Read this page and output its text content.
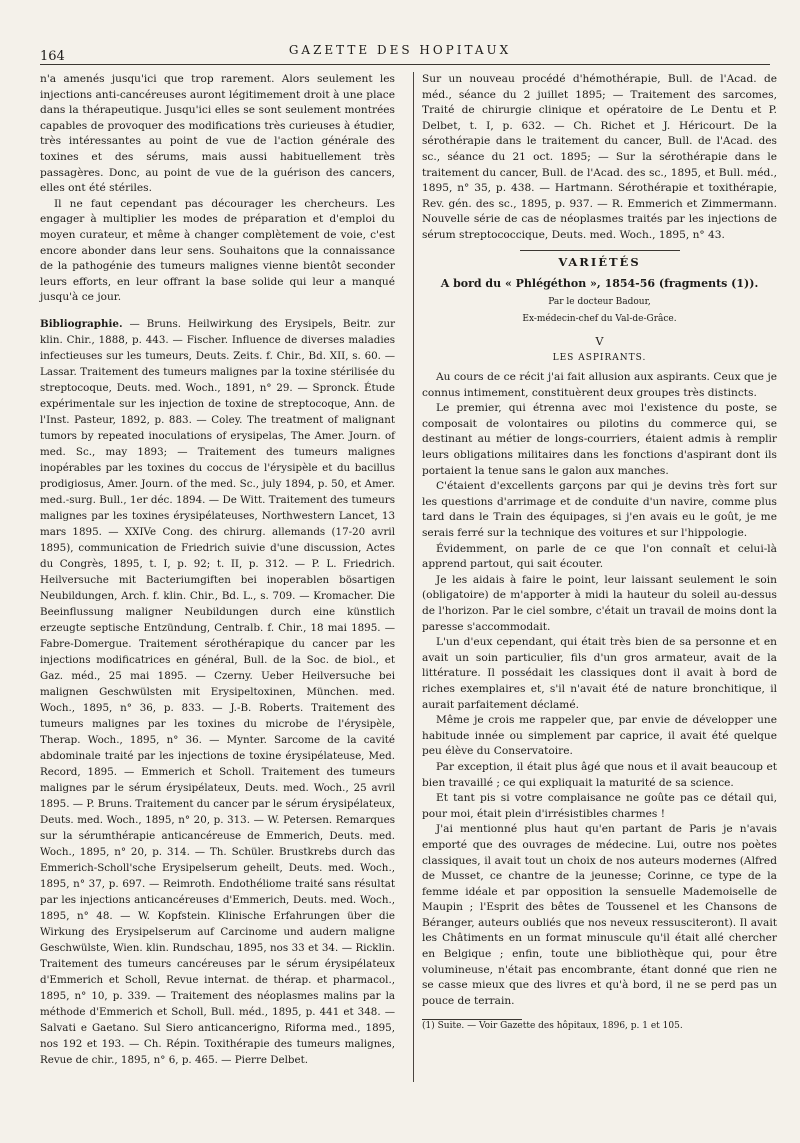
164	GAZETTE DES HOPITAUX

n'a amenés jusqu'ici que trop rarement. Alors seulement les injections anti-cancéreuses auront légitimement droit à une place dans la thérapeutique. Jusqu'ici elles se sont seulement montrées capables de provoquer des modifications très curieuses à étudier, très intéressantes au point de vue de l'action générale des toxines et des sérums, mais aussi habituellement très passagères. Donc, au point de vue de la guérison des cancers, elles ont été stériles.

Il ne faut cependant pas décourager les chercheurs. Les engager à multiplier les modes de préparation et d'emploi du moyen curateur, et même à changer complètement de voie, c'est encore abonder dans leur sens. Souhaitons que la connaissance de la pathogénie des tumeurs malignes vienne bientôt seconder leurs efforts, en leur offrant la base solide qui leur a manqué jusqu'à ce jour.

Bibliographie. — Bruns. Heilwirkung des Erysipels, Beitr. zur klin. Chir., 1888, p. 443. — Fischer. Influence de diverses maladies infectieuses sur les tumeurs, Deuts. Zeits. f. Chir., Bd. XII, s. 60. — Lassar. Traitement des tumeurs malignes par la toxine stérilisée du streptocoque, Deuts. med. Woch., 1891, n° 29. — Spronck. Étude expérimentale sur les injection de toxine de streptocoque, Ann. de l'Inst. Pasteur, 1892, p. 883. — Coley. The treatment of malignant tumors by repeated inoculations of erysipelas, The Amer. Journ. of med. Sc., may 1893; — Traitement des tumeurs malignes inopérables par les toxines du coccus de l'érysipèle et du bacillus prodigiosus, Amer. Journ. of the med. Sc., july 1894, p. 50, et Amer. med.-surg. Bull., 1er déc. 1894. — De Witt. Traitement des tumeurs malignes par les toxines érysipélateuses, Northwestern Lancet, 13 mars 1895. — XXIVe Cong. des chirurg. allemands (17-20 avril 1895), communication de Friedrich suivie d'une discussion, Actes du Congrès, 1895, t. I, p. 92; t. II, p. 312. — P. L. Friedrich. Heilversuche mit Bacteriumgiften bei inoperablen bösartigen Neubildungen, Arch. f. klin. Chir., Bd. L., s. 709. — Kromacher. Die Beeinflussung maligner Neubildungen durch eine künstlich erzeugte septische Entzündung, Centralb. f. Chir., 18 mai 1895. — Fabre-Domergue. Traitement sérothérapique du cancer par les injections modificatrices en général, Bull. de la Soc. de biol., et Gaz. méd., 25 mai 1895. — Czerny. Ueber Heilversuche bei malignen Geschwülsten mit Erysipeltoxinen, München. med. Woch., 1895, n° 36, p. 833. — J.-B. Roberts. Traitement des tumeurs malignes par les toxines du microbe de l'érysipèle, Therap. Woch., 1895, n° 36. — Mynter. Sarcome de la cavité abdominale traité par les injections de toxine érysipélateuse, Med. Record, 1895. — Emmerich et Scholl. Traitement des tumeurs malignes par le sérum érysipélateux, Deuts. med. Woch., 25 avril 1895. — P. Bruns. Traitement du cancer par le sérum érysipélateux, Deuts. med. Woch., 1895, n° 20, p. 313. — W. Petersen. Remarques sur la sérumthérapie anticancéreuse de Emmerich, Deuts. med. Woch., 1895, n° 20, p. 314. — Th. Schüler. Brustkrebs durch das Emmerich-Scholl'sche Erysipelserum geheilt, Deuts. med. Woch., 1895, n° 37, p. 697. — Reimroth. Endothéliome traité sans résultat par les injections anticancéreuses d'Emmerich, Deuts. med. Woch., 1895, n° 48. — W. Kopfstein. Klinische Erfahrungen über die Wirkung des Erysipelserum auf Carcinome und audern maligne Geschwülste, Wien. klin. Rundschau, 1895, nos 33 et 34. — Ricklin. Traitement des tumeurs cancéreuses par le sérum érysipélateux d'Emmerich et Scholl, Revue internat. de thérap. et pharmacol., 1895, n° 10, p. 339. — Traitement des néoplasmes malins par la méthode d'Emmerich et Scholl, Bull. méd., 1895, p. 441 et 348. — Salvati e Gaetano. Sul Siero anticancerigno, Riforma med., 1895, nos 192 et 193. — Ch. Répin. Toxithérapie des tumeurs malignes, Revue de chir., 1895, n° 6, p. 465. — Pierre Delbet.

Sur un nouveau procédé d'hémothérapie, Bull. de l'Acad. de méd., séance du 2 juillet 1895; — Traitement des sarcomes, Traité de chirurgie clinique et opératoire de Le Dentu et P. Delbet, t. I, p. 632. — Ch. Richet et J. Héricourt. De la sérothérapie dans le traitement du cancer, Bull. de l'Acad. des sc., séance du 21 oct. 1895; — Sur la sérothérapie dans le traitement du cancer, Bull. de l'Acad. des sc., 1895, et Bull. méd., 1895, n° 35, p. 438. — Hartmann. Sérothérapie et toxithérapie, Rev. gén. des sc., 1895, p. 937. — R. Emmerich et Zimmermann. Nouvelle série de cas de néoplasmes traités par les injections de sérum streptococcique, Deuts. med. Woch., 1895, n° 43.

VARIÉTÉS
A bord du « Phlégéthon », 1854-56 (fragments (1)).
Par le docteur Badour,
Ex-médecin-chef du Val-de-Grâce.
V
LES ASPIRANTS.

Au cours de ce récit j'ai fait allusion aux aspirants. Ceux que je connus intimement, constituèrent deux groupes très distincts.

Le premier, qui étrenna avec moi l'existence du poste, se composait de volontaires ou pilotins du commerce qui, se destinant au métier de longs-courriers, étaient admis à remplir leurs obligations militaires dans les fonctions d'aspirant dont ils portaient la tenue sans le galon aux manches.

C'étaient d'excellents garçons par qui je devins très fort sur les questions d'arrimage et de conduite d'un navire, comme plus tard dans le Train des équipages, si j'en avais eu le goût, je me serais ferré sur la technique des voitures et sur l'hippologie.

Évidemment, on parle de ce que l'on connaît et celui-là apprend partout, qui sait écouter.

Je les aidais à faire le point, leur laissant seulement le soin (obligatoire) de m'apporter à midi la hauteur du soleil au-dessus de l'horizon. Par le ciel sombre, c'était un travail de moins dont la paresse s'accommodait.

L'un d'eux cependant, qui était très bien de sa personne et en avait un soin particulier, fils d'un gros armateur, avait de la littérature. Il possédait les classiques dont il avait à bord de riches exemplaires et, s'il n'avait été de nature bronchitique, il aurait parfaitement déclamé.

Même je crois me rappeler que, par envie de développer une habitude innée ou simplement par caprice, il avait été quelque peu élève du Conservatoire.

Par exception, il était plus âgé que nous et il avait beaucoup et bien travaillé ; ce qui expliquait la maturité de sa science.

Et tant pis si votre complaisance ne goûte pas ce détail qui, pour moi, était plein d'irrésistibles charmes !

J'ai mentionné plus haut qu'en partant de Paris je n'avais emporté que des ouvrages de médecine. Lui, outre nos poètes classiques, il avait tout un choix de nos auteurs modernes (Alfred de Musset, ce chantre de la jeunesse; Corinne, ce type de la femme idéale et par opposition la sensuelle Mademoiselle de Maupin ; l'Esprit des bêtes de Toussenel et les Chansons de Béranger, auteurs oubliés que nos neveux ressusciteront). Il avait les Châtiments en un format minuscule qu'il était allé chercher en Belgique ; enfin, toute une bibliothèque qui, pour être volumineuse, n'était pas encombrante, étant donné que rien ne se casse mieux que des livres et qu'à bord, il ne se perd pas un pouce de terrain.

(1) Suite. — Voir Gazette des hôpitaux, 1896, p. 1 et 105.
